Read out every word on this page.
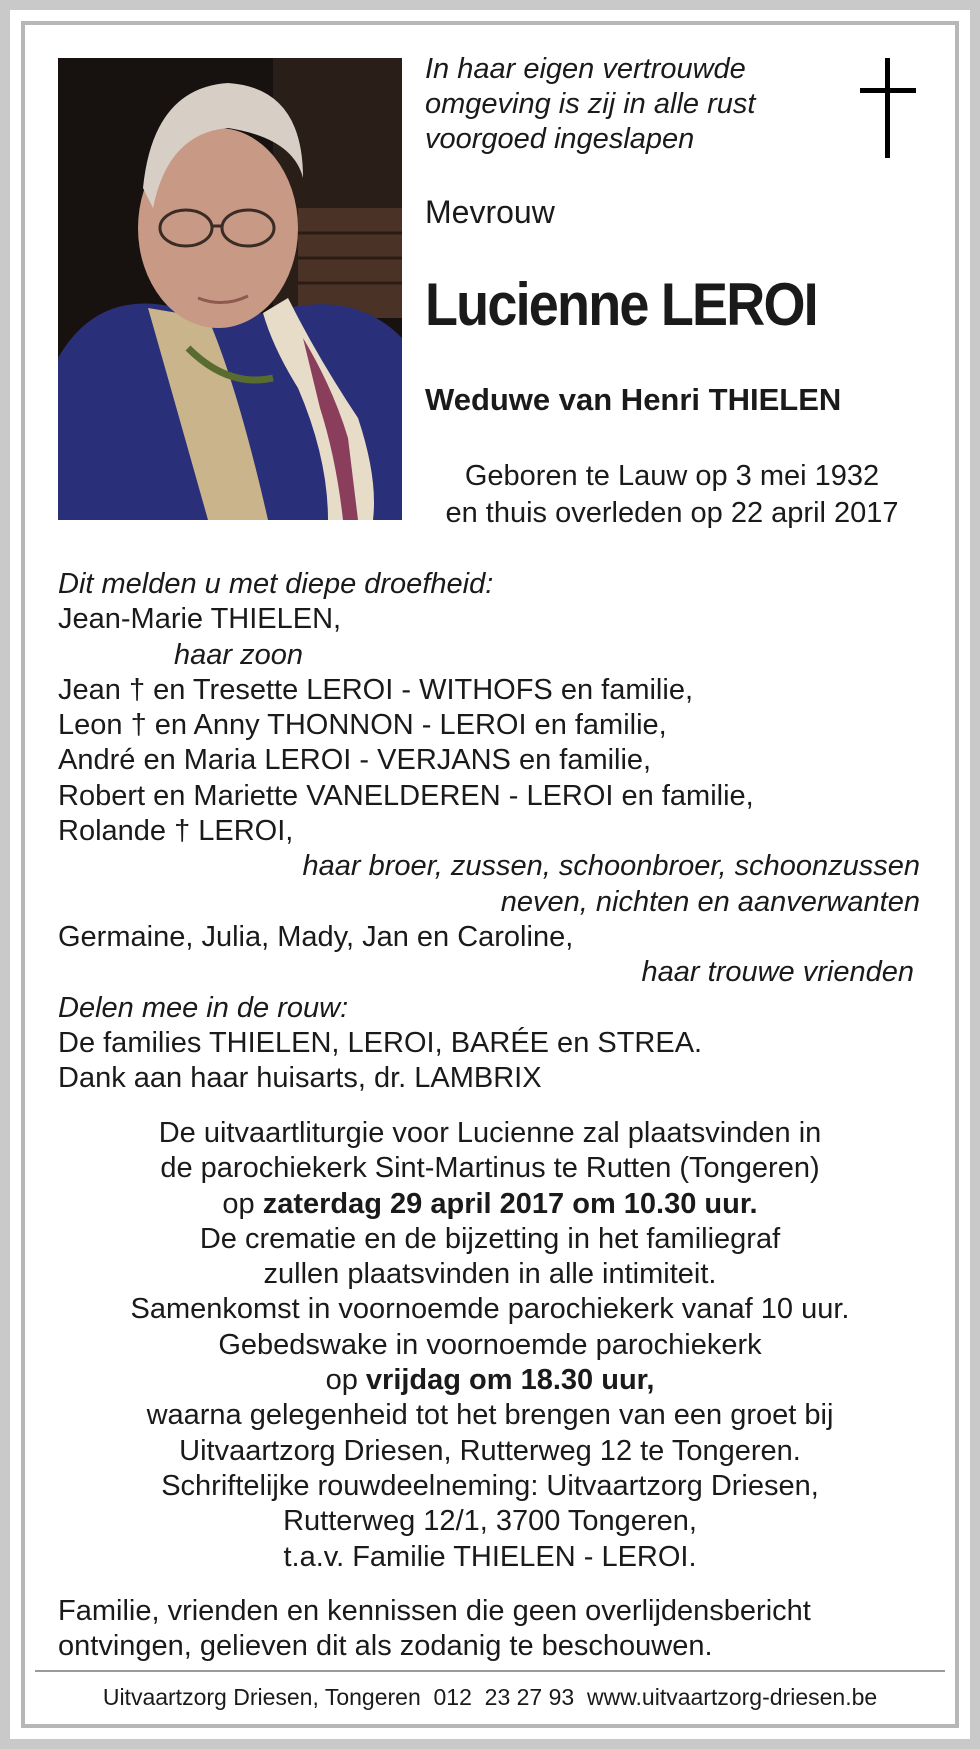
In haar eigen vertrouwde
omgeving is zij in alle rust
voorgoed ingeslapen
Mevrouw
Lucienne LEROI
Weduwe van Henri THIELEN
Geboren te Lauw op 3 mei 1932
en thuis overleden op 22 april 2017
Dit melden u met diepe droefheid:
Jean-Marie THIELEN,
haar zoon
Jean † en Tresette LEROI - WITHOFS en familie,
Leon † en Anny THONNON - LEROI en familie,
André en Maria LEROI - VERJANS en familie,
Robert en Mariette VANELDEREN - LEROI en familie,
Rolande † LEROI,
haar broer, zussen, schoonbroer, schoonzussen
neven, nichten en aanverwanten
Germaine, Julia, Mady, Jan en Caroline,
haar trouwe vrienden
Delen mee in de rouw:
De families THIELEN, LEROI, BARÉE en STREA.
Dank aan haar huisarts, dr. LAMBRIX
De uitvaartliturgie voor Lucienne zal plaatsvinden in
de parochiekerk Sint-Martinus te Rutten (Tongeren)
op zaterdag 29 april 2017 om 10.30 uur.
De crematie en de bijzetting in het familiegraf
zullen plaatsvinden in alle intimiteit.
Samenkomst in voornoemde parochiekerk vanaf 10 uur.
Gebedswake in voornoemde parochiekerk
op vrijdag om 18.30 uur,
waarna gelegenheid tot het brengen van een groet bij
Uitvaartzorg Driesen, Rutterweg 12 te Tongeren.
Schriftelijke rouwdeelneming: Uitvaartzorg Driesen,
Rutterweg 12/1, 3700 Tongeren,
t.a.v. Familie THIELEN - LEROI.
Familie, vrienden en kennissen die geen overlijdensbericht
ontvingen, gelieven dit als zodanig te beschouwen.
Uitvaartzorg Driesen, Tongeren 012  23 27 93 www.uitvaartzorg-driesen.be
